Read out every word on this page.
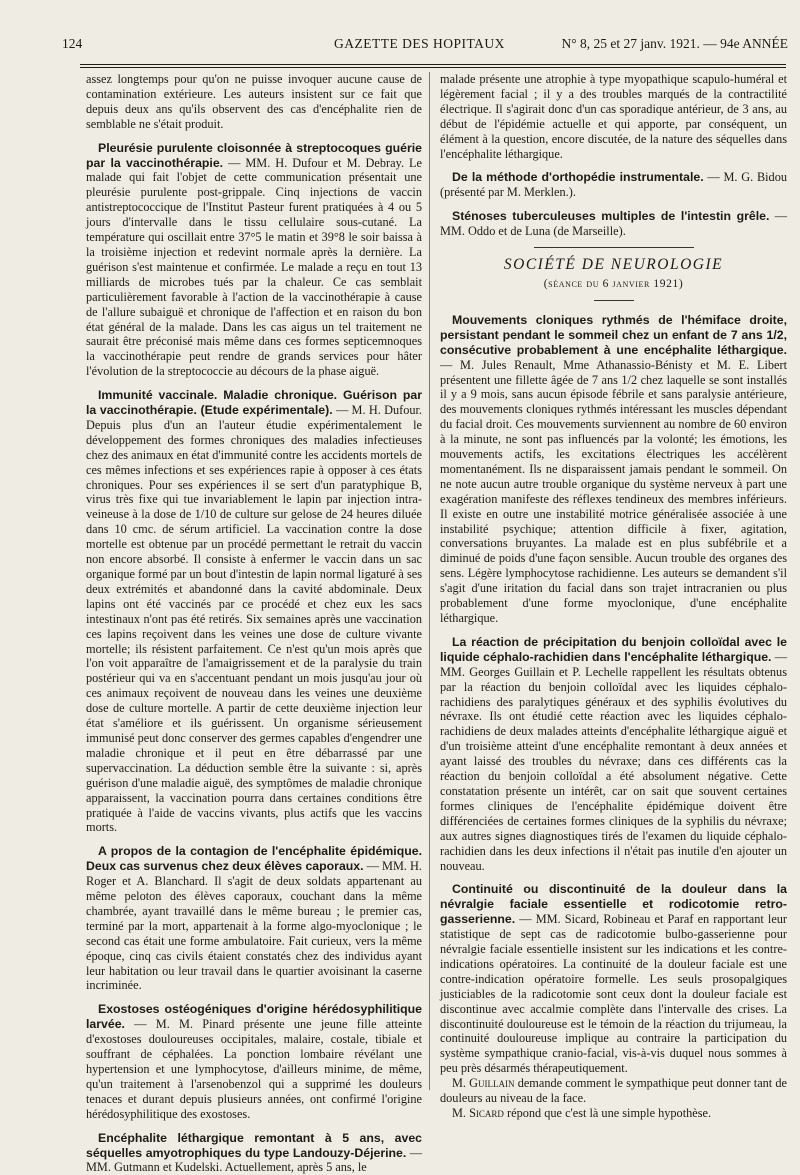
124	GAZETTE DES HOPITAUX	N° 8, 25 et 27 janv. 1921. — 94e ANNÉE

assez longtemps pour qu'on ne puisse invoquer aucune cause de contamination extérieure. Les auteurs insistent sur ce fait que depuis deux ans qu'ils observent des cas d'encéphalite rien de semblable ne s'était produit.

Pleurésie purulente cloisonnée à streptocoques guérie par la vaccinothérapie. — MM. H. Dufour et M. Debray. Le malade qui fait l'objet de cette communication présentait une pleurésie purulente post-grippale. Cinq injections de vaccin antistreptococcique de l'Institut Pasteur furent pratiquées à 4 ou 5 jours d'intervalle dans le tissu cellulaire sous-cutané. La température qui oscillait entre 37°5 le matin et 39°8 le soir baissa à la troisième injection et redevint normale après la dernière. La guérison s'est maintenue et confirmée. Le malade a reçu en tout 13 milliards de microbes tués par la chaleur. Ce cas semblait particulièrement favorable à l'action de la vaccinothérapie à cause de l'allure subaiguë et chronique de l'affection et en raison du bon état général de la malade. Dans les cas aigus un tel traitement ne saurait être préconisé mais même dans ces formes septicemnoques la vaccinothérapie peut rendre de grands services pour hâter l'évolution de la streptococcie au décours de la phase aiguë.

Immunité vaccinale. Maladie chronique. Guérison par la vaccinothérapie. (Etude expérimentale). — M. H. Dufour. Depuis plus d'un an l'auteur étudie expérimentalement le développement des formes chroniques des maladies infectieuses chez des animaux en état d'immunité contre les accidents mortels de ces mêmes infections et ses expériences rapie à opposer à ces états chroniques. Pour ses expériences il se sert d'un paratyphique B, virus très fixe qui tue invariablement le lapin par injection intra-veineuse à la dose de 1/10 de culture sur gelose de 24 heures diluée dans 10 cmc. de sérum artificiel. La vaccination contre la dose mortelle est obtenue par un procédé permettant le retrait du vaccin non encore absorbé. Il consiste à enfermer le vaccin dans un sac organique formé par un bout d'intestin de lapin normal ligaturé à ses deux extrémités et abandonné dans la cavité abdominale. Deux lapins ont été vaccinés par ce procédé et chez eux les sacs intestinaux n'ont pas été retirés. Six semaines après une vaccination ces lapins reçoivent dans les veines une dose de culture vivante mortelle; ils résistent parfaitement. Ce n'est qu'un mois après que l'on voit apparaître de l'amaigrissement et de la paralysie du train postérieur qui va en s'accentuant pendant un mois jusqu'au jour où ces animaux reçoivent de nouveau dans les veines une deuxième dose de culture mortelle. A partir de cette deuxième injection leur état s'améliore et ils guérissent. Un organisme sérieusement immunisé peut donc conserver des germes capables d'engendrer une maladie chronique et il peut en être débarrassé par une supervaccination. La déduction semble être la suivante : si, après guérison d'une maladie aiguë, des symptômes de maladie chronique apparaissent, la vaccination pourra dans certaines conditions être pratiquée à l'aide de vaccins vivants, plus actifs que les vaccins morts.

A propos de la contagion de l'encéphalite épidémique. Deux cas survenus chez deux élèves caporaux. — MM. H. Roger et A. Blanchard. Il s'agit de deux soldats appartenant au même peloton des élèves caporaux, couchant dans la même chambrée, ayant travaillé dans le même bureau ; le premier cas, terminé par la mort, appartenait à la forme algo-myoclonique ; le second cas était une forme ambulatoire. Fait curieux, vers la même époque, cinq cas civils étaient constatés chez des individus ayant leur habitation ou leur travail dans le quartier avoisinant la caserne incriminée.

Exostoses ostéogéniques d'origine hérédosyphilitique larvée. — M. M. Pinard présente une jeune fille atteinte d'exostoses douloureuses occipitales, malaire, costale, tibiale et souffrant de céphalées. La ponction lombaire révélant une hypertension et une lymphocytose, d'ailleurs minime, de même, qu'un traitement à l'arsenobenzol qui a supprimé les douleurs tenaces et durant depuis plusieurs années, ont confirmé l'origine hérédosyphilitique des exostoses.

Encéphalite léthargique remontant à 5 ans, avec séquelles amyotrophiques du type Landouzy-Déjerine. — MM. Gutmann et Kudelski. Actuellement, après 5 ans, le

malade présente une atrophie à type myopathique scapulo-huméral et légèrement facial ; il y a des troubles marqués de la contractilité électrique. Il s'agirait donc d'un cas sporadique antérieur, de 3 ans, au début de l'épidémie actuelle et qui apporte, par conséquent, un élément à la question, encore discutée, de la nature des séquelles dans l'encéphalite léthargique.

De la méthode d'orthopédie instrumentale. — M. G. Bidou (présenté par M. Merklen.).

Sténoses tuberculeuses multiples de l'intestin grêle. — MM. Oddo et de Luna (de Marseille).

SOCIÉTÉ DE NEUROLOGIE
(séance du 6 janvier 1921)

Mouvements cloniques rythmés de l'hémiface droite, persistant pendant le sommeil chez un enfant de 7 ans 1/2, consécutive probablement à une encéphalite léthargique. — M. Jules Renault, Mme Athanassio-Bénisty et M. E. Libert présentent une fillette âgée de 7 ans 1/2 chez laquelle se sont installés il y a 9 mois, sans aucun épisode fébrile et sans paralysie antérieure, des mouvements cloniques rythmés intéressant les muscles dépendant du facial droit. Ces mouvements surviennent au nombre de 60 environ à la minute, ne sont pas influencés par la volonté; les émotions, les mouvements actifs, les excitations électriques les accélèrent momentanément. Ils ne disparaissent jamais pendant le sommeil. On ne note aucun autre trouble organique du système nerveux à part une exagération manifeste des réflexes tendineux des membres inférieurs. Il existe en outre une instabilité motrice généralisée associée à une instabilité psychique; attention difficile à fixer, agitation, conversations bruyantes. La malade est en plus subfébrile et a diminué de poids d'une façon sensible. Aucun trouble des organes des sens. Légère lymphocytose rachidienne. Les auteurs se demandent s'il s'agit d'une iritation du facial dans son trajet intracranien ou plus probablement d'une forme myoclonique, d'une encéphalite léthargique.

La réaction de précipitation du benjoin colloïdal avec le liquide céphalo-rachidien dans l'encéphalite léthargique. — MM. Georges Guillain et P. Lechelle rappellent les résultats obtenus par la réaction du benjoin colloïdal avec les liquides céphalo-rachidiens des paralytiques généraux et des syphilis évolutives du névraxe. Ils ont étudié cette réaction avec les liquides céphalo-rachidiens de deux malades atteints d'encéphalite léthargique aiguë et d'un troisième atteint d'une encéphalite remontant à deux années et ayant laissé des troubles du névraxe; dans ces différents cas la réaction du benjoin colloïdal a été absolument négative. Cette constatation présente un intérêt, car on sait que souvent certaines formes cliniques de l'encéphalite épidémique doivent être différenciées de certaines formes cliniques de la syphilis du névraxe; aux autres signes diagnostiques tirés de l'examen du liquide céphalo-rachidien dans les deux infections il n'était pas inutile d'en ajouter un nouveau.

Continuité ou discontinuité de la douleur dans la névralgie faciale essentielle et rodicotomie retro-gasserienne. — MM. Sicard, Robineau et Paraf en rapportant leur statistique de sept cas de radicotomie bulbo-gasserienne pour névralgie faciale essentielle insistent sur les indications et les contre-indications opératoires. La continuité de la douleur faciale est une contre-indication opératoire formelle. Les seuls prosopalgiques justiciables de la radicotomie sont ceux dont la douleur faciale est discontinue avec accalmie complète dans l'intervalle des crises. La discontinuité douloureuse est le témoin de la réaction du trijumeau, la continuité douloureuse implique au contraire la participation du système sympathique cranio-facial, vis-à-vis duquel nous sommes à peu près désarmés thérapeutiquement.

M. Guillain demande comment le sympathique peut donner tant de douleurs au niveau de la face.

M. Sicard répond que c'est là une simple hypothèse.
